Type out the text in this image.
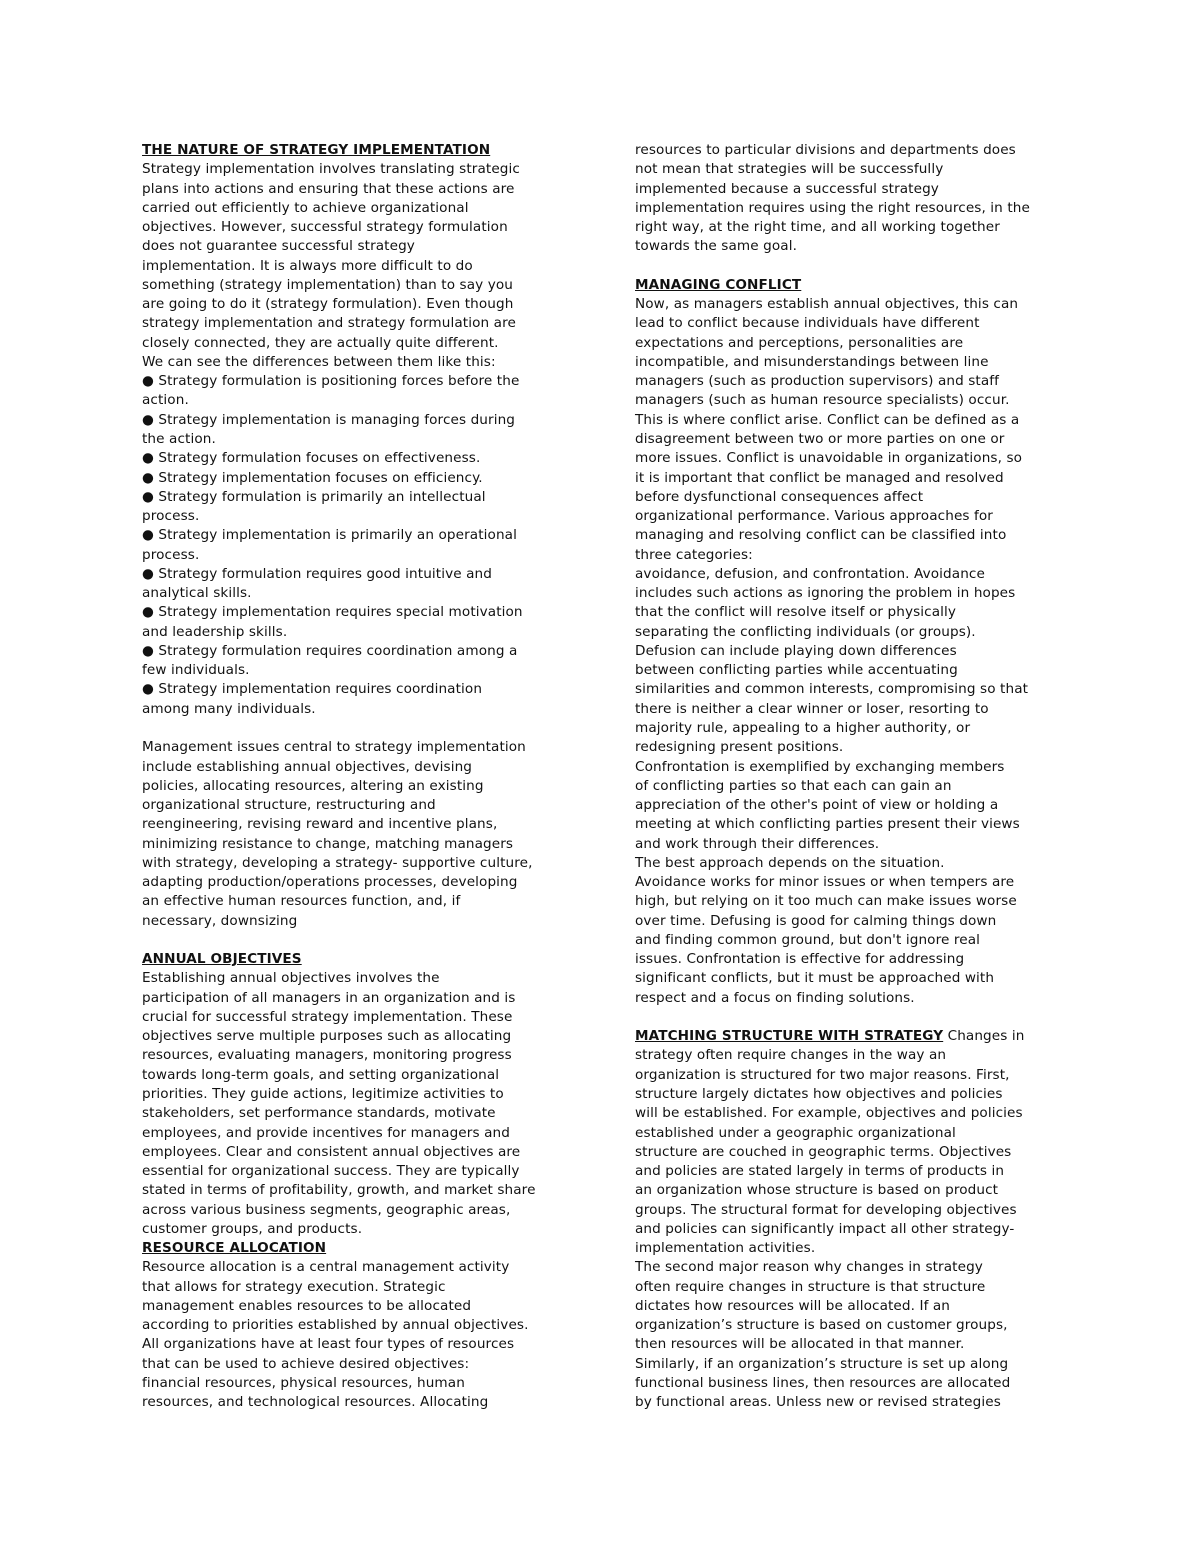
THE NATURE OF STRATEGY IMPLEMENTATION
Strategy implementation involves translating strategic
plans into actions and ensuring that these actions are
carried out efficiently to achieve organizational
objectives. However, successful strategy formulation
does not guarantee successful strategy
implementation. It is always more difficult to do
something (strategy implementation) than to say you
are going to do it (strategy formulation). Even though
strategy implementation and strategy formulation are
closely connected, they are actually quite different.
We can see the differences between them like this:
● Strategy formulation is positioning forces before the
action.
● Strategy implementation is managing forces during
the action.
● Strategy formulation focuses on effectiveness.
● Strategy implementation focuses on efficiency.
● Strategy formulation is primarily an intellectual
process.
● Strategy implementation is primarily an operational
process.
● Strategy formulation requires good intuitive and
analytical skills.
● Strategy implementation requires special motivation
and leadership skills.
● Strategy formulation requires coordination among a
few individuals.
● Strategy implementation requires coordination
among many individuals.
Management issues central to strategy implementation
include establishing annual objectives, devising
policies, allocating resources, altering an existing
organizational structure, restructuring and
reengineering, revising reward and incentive plans,
minimizing resistance to change, matching managers
with strategy, developing a strategy- supportive culture,
adapting production/operations processes, developing
an effective human resources function, and, if
necessary, downsizing
ANNUAL OBJECTIVES
Establishing annual objectives involves the
participation of all managers in an organization and is
crucial for successful strategy implementation. These
objectives serve multiple purposes such as allocating
resources, evaluating managers, monitoring progress
towards long-term goals, and setting organizational
priorities. They guide actions, legitimize activities to
stakeholders, set performance standards, motivate
employees, and provide incentives for managers and
employees. Clear and consistent annual objectives are
essential for organizational success. They are typically
stated in terms of profitability, growth, and market share
across various business segments, geographic areas,
customer groups, and products.
RESOURCE ALLOCATION
Resource allocation is a central management activity
that allows for strategy execution. Strategic
management enables resources to be allocated
according to priorities established by annual objectives.
All organizations have at least four types of resources
that can be used to achieve desired objectives:
financial resources, physical resources, human
resources, and technological resources. Allocating
resources to particular divisions and departments does
not mean that strategies will be successfully
implemented because a successful strategy
implementation requires using the right resources, in the
right way, at the right time, and all working together
towards the same goal.
MANAGING CONFLICT
Now, as managers establish annual objectives, this can
lead to conflict because individuals have different
expectations and perceptions, personalities are
incompatible, and misunderstandings between line
managers (such as production supervisors) and staff
managers (such as human resource specialists) occur.
This is where conflict arise. Conflict can be defined as a
disagreement between two or more parties on one or
more issues. Conflict is unavoidable in organizations, so
it is important that conflict be managed and resolved
before dysfunctional consequences affect
organizational performance. Various approaches for
managing and resolving conflict can be classified into
three categories:
avoidance, defusion, and confrontation. Avoidance
includes such actions as ignoring the problem in hopes
that the conflict will resolve itself or physically
separating the conflicting individuals (or groups).
Defusion can include playing down differences
between conflicting parties while accentuating
similarities and common interests, compromising so that
there is neither a clear winner or loser, resorting to
majority rule, appealing to a higher authority, or
redesigning present positions.
Confrontation is exemplified by exchanging members
of conflicting parties so that each can gain an
appreciation of the other's point of view or holding a
meeting at which conflicting parties present their views
and work through their differences.
The best approach depends on the situation.
Avoidance works for minor issues or when tempers are
high, but relying on it too much can make issues worse
over time. Defusing is good for calming things down
and finding common ground, but don't ignore real
issues. Confrontation is effective for addressing
significant conflicts, but it must be approached with
respect and a focus on finding solutions.
MATCHING STRUCTURE WITH STRATEGY Changes in
strategy often require changes in the way an
organization is structured for two major reasons. First,
structure largely dictates how objectives and policies
will be established. For example, objectives and policies
established under a geographic organizational
structure are couched in geographic terms. Objectives
and policies are stated largely in terms of products in
an organization whose structure is based on product
groups. The structural format for developing objectives
and policies can significantly impact all other strategy-
implementation activities.
The second major reason why changes in strategy
often require changes in structure is that structure
dictates how resources will be allocated. If an
organization’s structure is based on customer groups,
then resources will be allocated in that manner.
Similarly, if an organization’s structure is set up along
functional business lines, then resources are allocated
by functional areas. Unless new or revised strategies
